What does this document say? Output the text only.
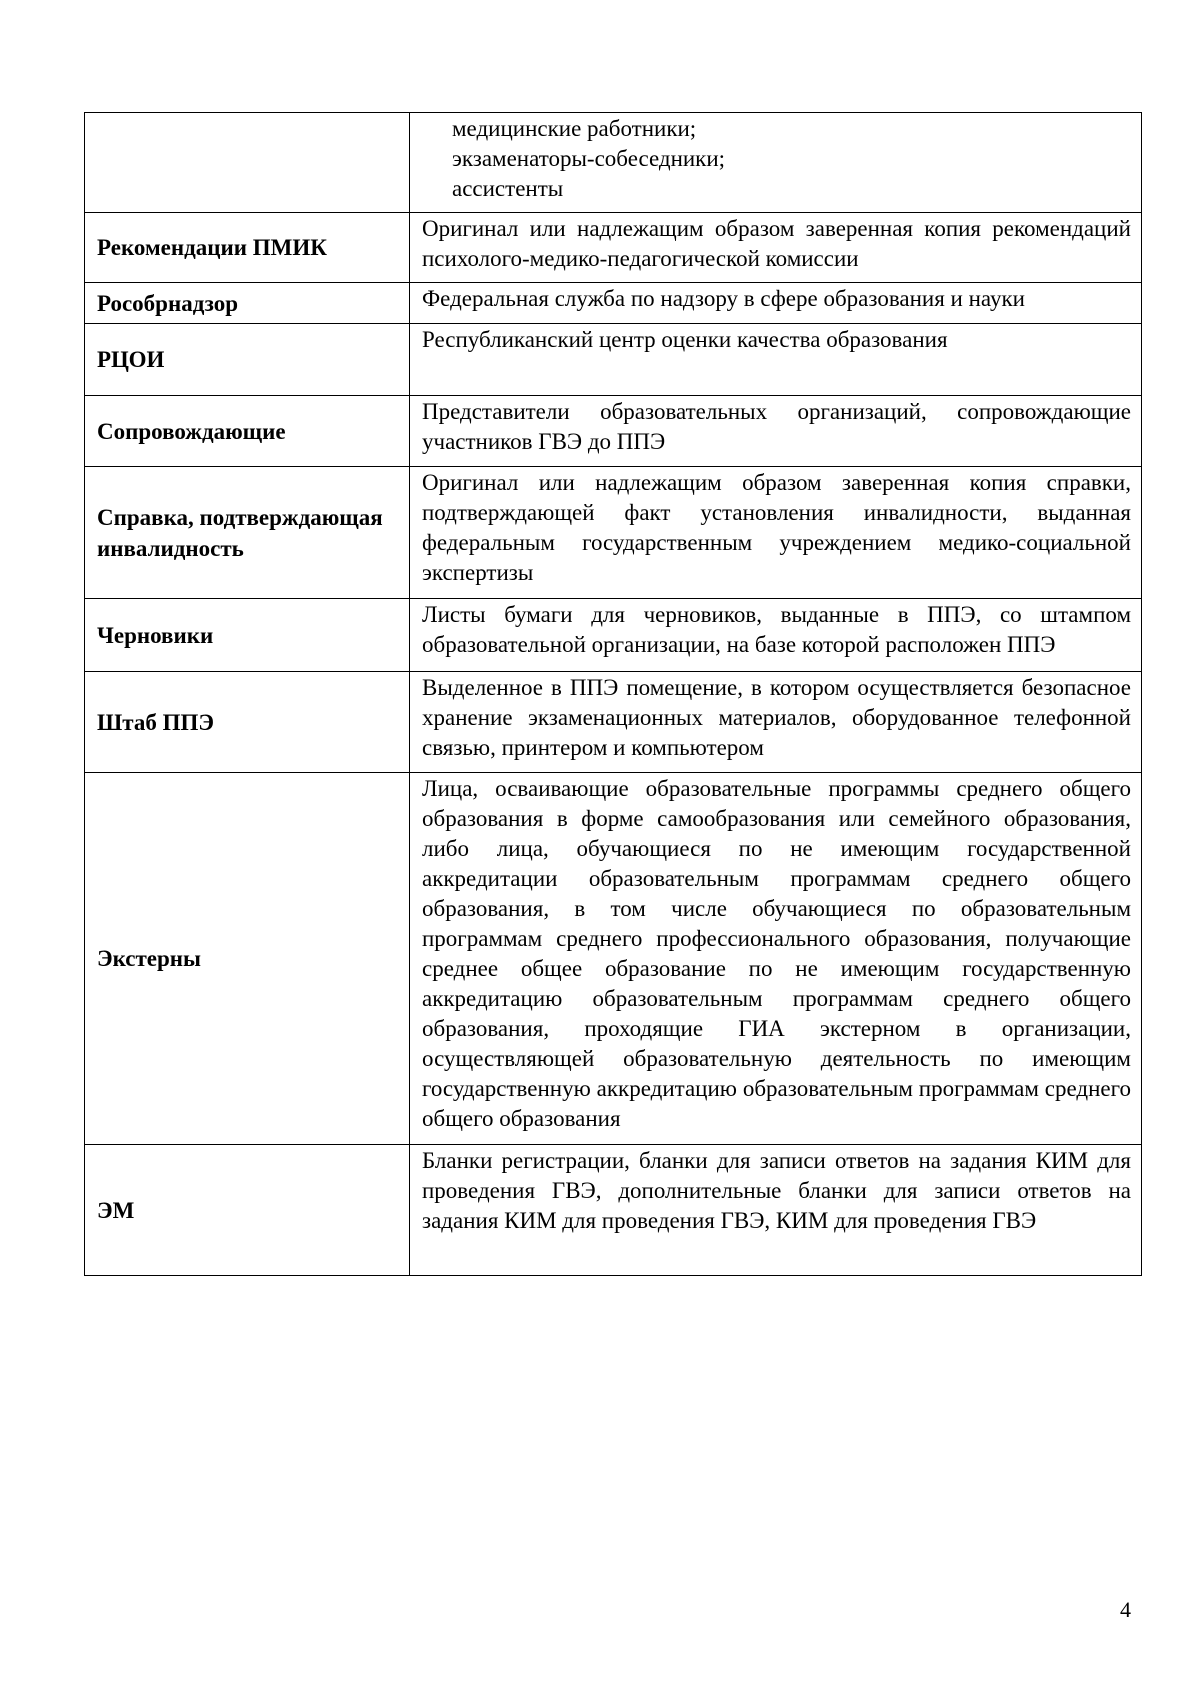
	медицинские работники;
экзаменаторы-собеседники;
ассистенты

Рекомендации ПМИК	Оригинал или надлежащим образом заверенная копия рекомендаций психолого-медико-педагогической комиссии
Рособрнадзор	Федеральная служба по надзору в сфере образования и науки
РЦОИ	Республиканский центр оценки качества образования
Сопровождающие	Представители образовательных организаций, сопровождающие участников ГВЭ до ППЭ
Справка, подтверждающая инвалидность	Оригинал или надлежащим образом заверенная копия справки, подтверждающей факт установления инвалидности, выданная федеральным государственным учреждением медико-социальной экспертизы
Черновики	Листы бумаги для черновиков, выданные в ППЭ, со штампом образовательной организации, на базе которой расположен ППЭ
Штаб ППЭ	Выделенное в ППЭ помещение, в котором осуществляется безопасное хранение экзаменационных материалов, оборудованное телефонной связью, принтером и компьютером
Экстерны	Лица, осваивающие образовательные программы среднего общего образования в форме самообразования или семейного образования, либо лица, обучающиеся по не имеющим государственной аккредитации образовательным программам среднего общего образования, в том числе обучающиеся по образовательным программам среднего профессионального образования, получающие среднее общее образование по не имеющим государственную аккредитацию образовательным программам среднего общего образования, проходящие ГИА экстерном в организации, осуществляющей образовательную деятельность по имеющим государственную аккредитацию образовательным программам среднего общего образования
ЭМ	Бланки регистрации, бланки для записи ответов на задания КИМ для проведения ГВЭ, дополнительные бланки для записи ответов на задания КИМ для проведения ГВЭ, КИМ для проведения ГВЭ
4
